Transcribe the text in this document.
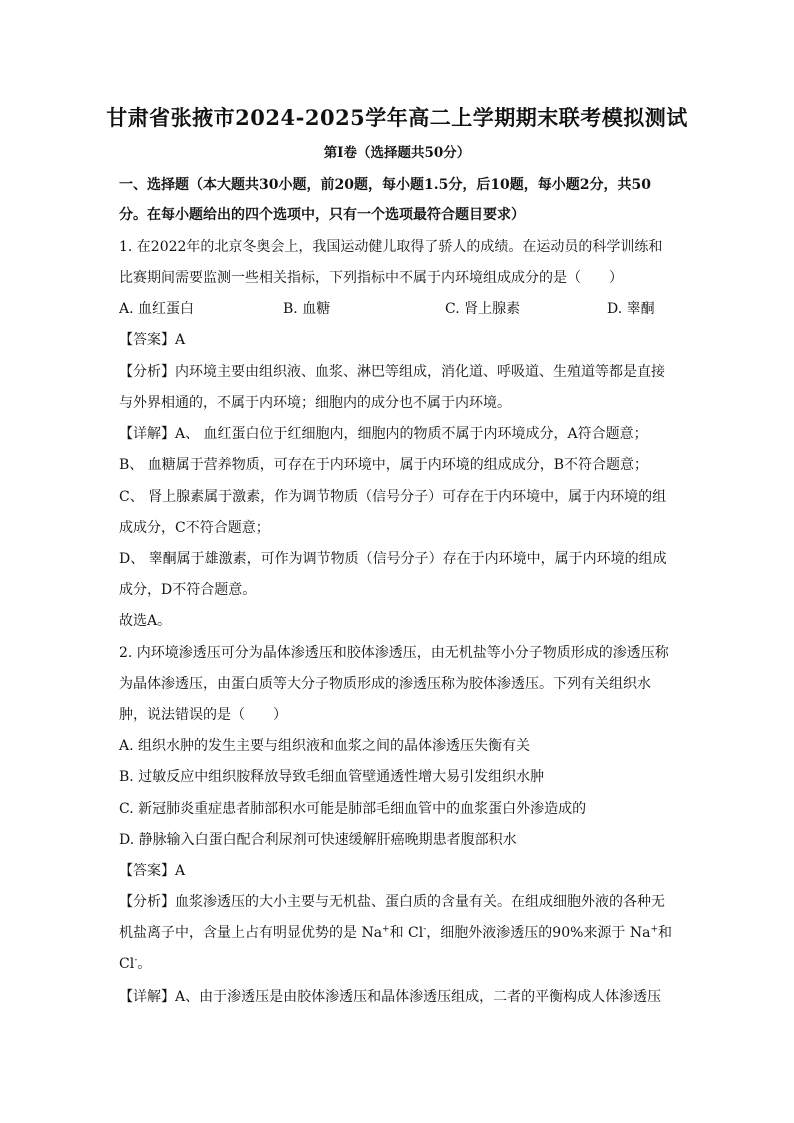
甘肃省张掖市2024-2025学年高二上学期期末联考模拟测试
第Ⅰ卷（选择题共50分）
一、选择题（本大题共30小题，前20题，每小题1.5分，后10题，每小题2分，共50
分。在每小题给出的四个选项中，只有一个选项最符合题目要求）
1. 在2022年的北京冬奥会上，我国运动健儿取得了骄人的成绩。在运动员的科学训练和
比赛期间需要监测一些相关指标，下列指标中不属于内环境组成成分的是（　　）
A. 血红蛋白	B. 血糖	C. 肾上腺素	D. 睾酮
【答案】A
【分析】内环境主要由组织液、血浆、淋巴等组成，消化道、呼吸道、生殖道等都是直接
与外界相通的，不属于内环境；细胞内的成分也不属于内环境。
【详解】A、 血红蛋白位于红细胞内，细胞内的物质不属于内环境成分，A符合题意；
B、 血糖属于营养物质，可存在于内环境中，属于内环境的组成成分，B不符合题意；
C、 肾上腺素属于激素，作为调节物质（信号分子）可存在于内环境中，属于内环境的组
成成分，C不符合题意；
D、 睾酮属于雄激素，可作为调节物质（信号分子）存在于内环境中，属于内环境的组成
成分，D不符合题意。
故选A。
2. 内环境渗透压可分为晶体渗透压和胶体渗透压，由无机盐等小分子物质形成的渗透压称
为晶体渗透压，由蛋白质等大分子物质形成的渗透压称为胶体渗透压。下列有关组织水
肿，说法错误的是（　　）
A. 组织水肿的发生主要与组织液和血浆之间的晶体渗透压失衡有关
B. 过敏反应中组织胺释放导致毛细血管壁通透性增大易引发组织水肿
C. 新冠肺炎重症患者肺部积水可能是肺部毛细血管中的血浆蛋白外渗造成的
D. 静脉输入白蛋白配合利尿剂可快速缓解肝癌晚期患者腹部积水
【答案】A
【分析】血浆渗透压的大小主要与无机盐、蛋白质的含量有关。在组成细胞外液的各种无
机盐离子中，含量上占有明显优势的是 Na+和 Cl-，细胞外液渗透压的90%来源于 Na+和
Cl-。
【详解】A、由于渗透压是由胶体渗透压和晶体渗透压组成，二者的平衡构成人体渗透压
